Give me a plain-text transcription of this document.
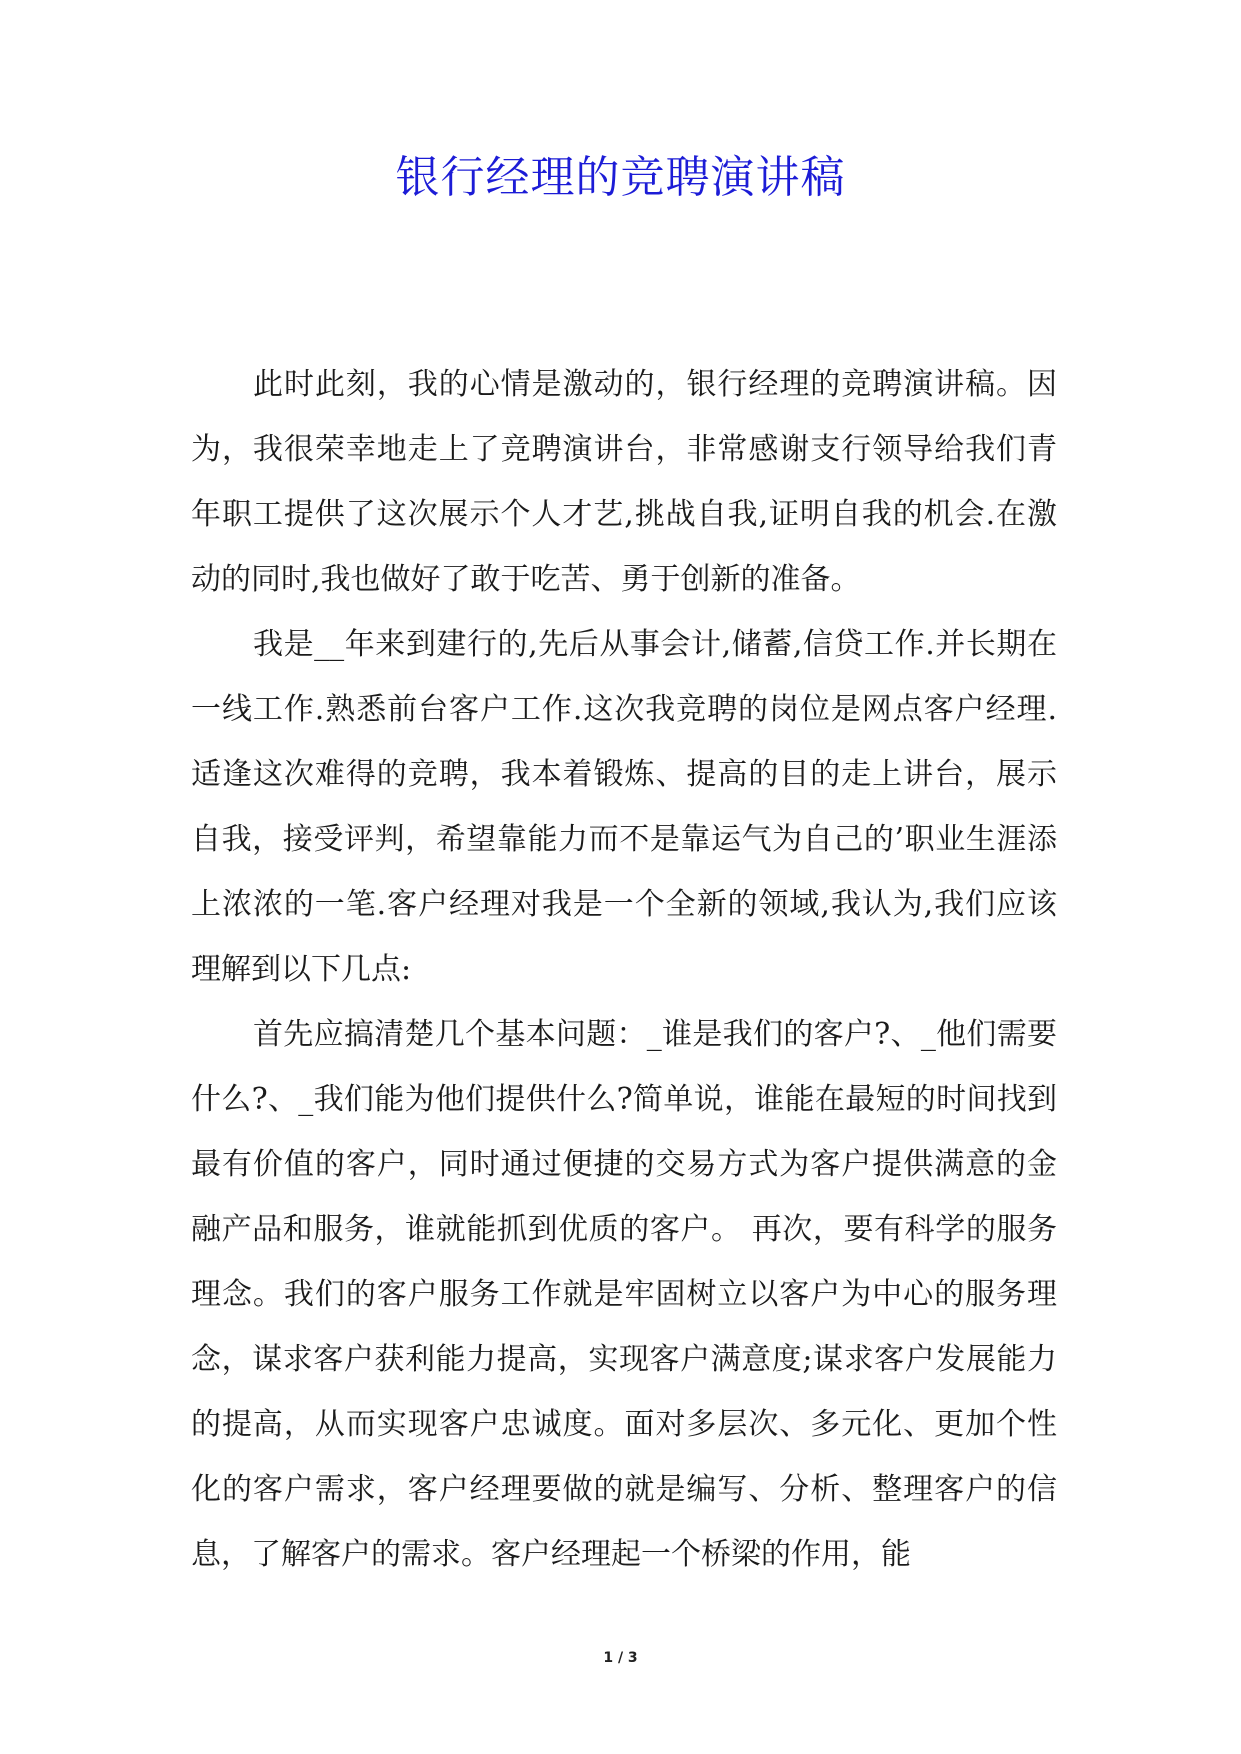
银行经理的竞聘演讲稿

此时此刻，我的心情是激动的，银行经理的竞聘演讲稿。因为，我很荣幸地走上了竞聘演讲台，非常感谢支行领导给我们青年职工提供了这次展示个人才艺,挑战自我,证明自我的机会.在激动的同时,我也做好了敢于吃苦、勇于创新的准备。

我是__年来到建行的,先后从事会计,储蓄,信贷工作.并长期在一线工作.熟悉前台客户工作.这次我竞聘的岗位是网点客户经理.适逢这次难得的竞聘，我本着锻炼、提高的目的走上讲台，展示自我，接受评判，希望靠能力而不是靠运气为自己的’职业生涯添上浓浓的一笔.客户经理对我是一个全新的领域,我认为,我们应该理解到以下几点:

首先应搞清楚几个基本问题：_谁是我们的客户?、_他们需要什么?、_我们能为他们提供什么?简单说，谁能在最短的时间找到最有价值的客户，同时通过便捷的交易方式为客户提供满意的金融产品和服务，谁就能抓到优质的客户。 再次，要有科学的服务理念。我们的客户服务工作就是牢固树立以客户为中心的服务理念，谋求客户获利能力提高，实现客户满意度;谋求客户发展能力的提高，从而实现客户忠诚度。面对多层次、多元化、更加个性化的客户需求，客户经理要做的就是编写、分析、整理客户的信息，了解客户的需求。客户经理起一个桥梁的作用，能

1 / 3
